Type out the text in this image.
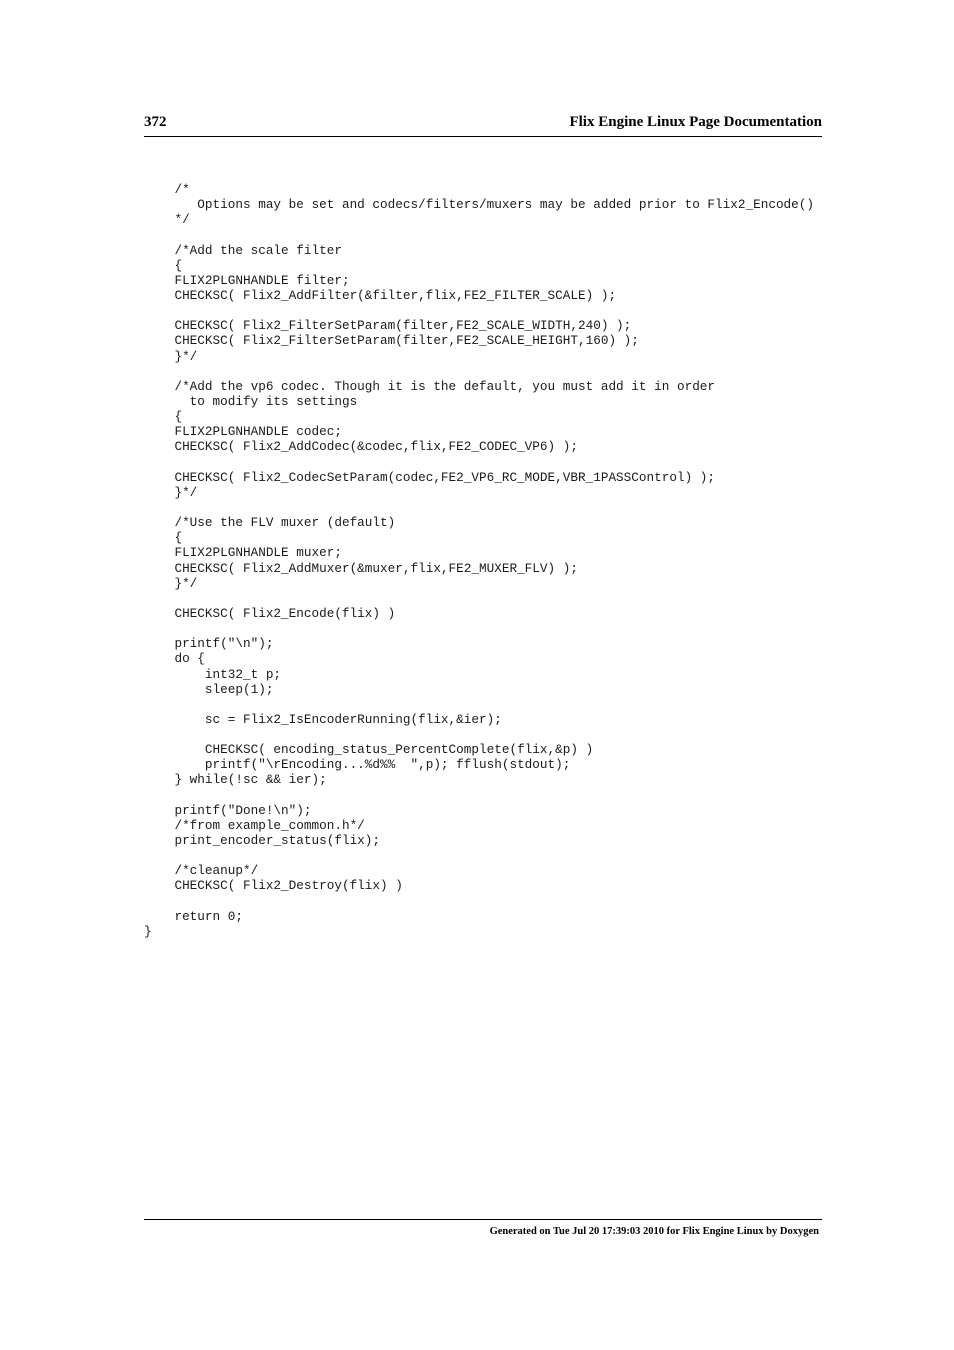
372	Flix Engine Linux Page Documentation
/*
Options may be set and codecs/filters/muxers may be added prior to Flix2_Encode()
*/
/*Add the scale filter
{
FLIX2PLGNHANDLE filter;
CHECKSC( Flix2_AddFilter(&filter,flix,FE2_FILTER_SCALE) );
CHECKSC( Flix2_FilterSetParam(filter,FE2_SCALE_WIDTH,240) );
CHECKSC( Flix2_FilterSetParam(filter,FE2_SCALE_HEIGHT,160) );
}*/
/*Add the vp6 codec. Though it is the default, you must add it in order
to modify its settings
{
FLIX2PLGNHANDLE codec;
CHECKSC( Flix2_AddCodec(&codec,flix,FE2_CODEC_VP6) );
CHECKSC( Flix2_CodecSetParam(codec,FE2_VP6_RC_MODE,VBR_1PASSControl) );
}*/
/*Use the FLV muxer (default)
{
FLIX2PLGNHANDLE muxer;
CHECKSC( Flix2_AddMuxer(&muxer,flix,FE2_MUXER_FLV) );
}*/
CHECKSC( Flix2_Encode(flix) )
printf("\n");
do {
int32_t p;
sleep(1);
sc = Flix2_IsEncoderRunning(flix,&ier);
CHECKSC( encoding_status_PercentComplete(flix,&p) )
printf("\rEncoding...%d%%  ",p); fflush(stdout);
} while(!sc && ier);
printf("Done!\n");
/*from example_common.h*/
print_encoder_status(flix);
/*cleanup*/
CHECKSC( Flix2_Destroy(flix) )
return 0;
}
Generated on Tue Jul 20 17:39:03 2010 for Flix Engine Linux by Doxygen
